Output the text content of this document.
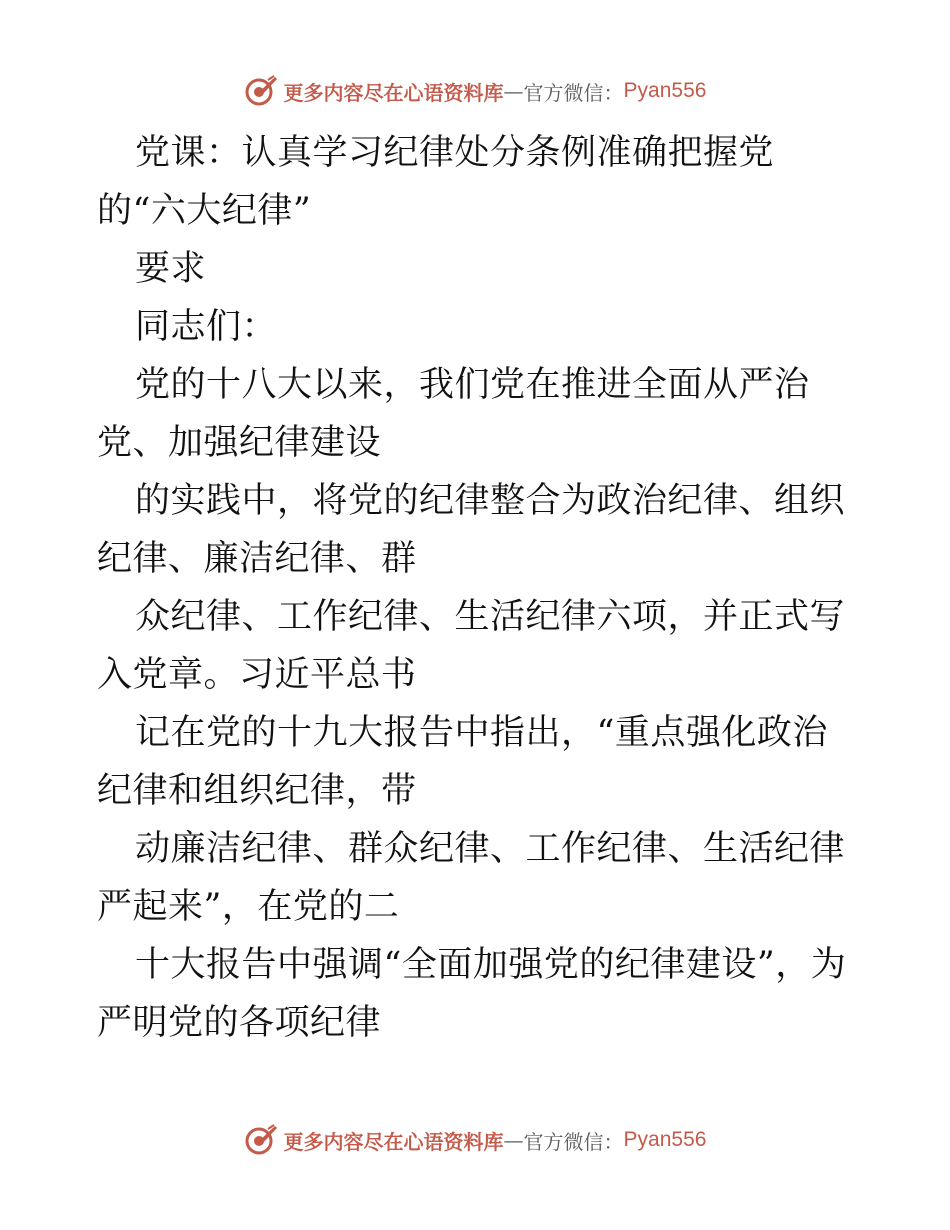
更多内容尽在心语资料库 — 官方微信： Pyan556

党课：认真学习纪律处分条例准确把握党的“六大纪律”

要求

同志们：

党的十八大以来，我们党在推进全面从严治党、加强纪律建设

的实践中，将党的纪律整合为政治纪律、组织纪律、廉洁纪律、群

众纪律、工作纪律、生活纪律六项，并正式写入党章。习近平总书

记在党的十九大报告中指出，“重点强化政治纪律和组织纪律，带

动廉洁纪律、群众纪律、工作纪律、生活纪律严起来”，在党的二

十大报告中强调“全面加强党的纪律建设”，为严明党的各项纪律

更多内容尽在心语资料库 — 官方微信： Pyan556
